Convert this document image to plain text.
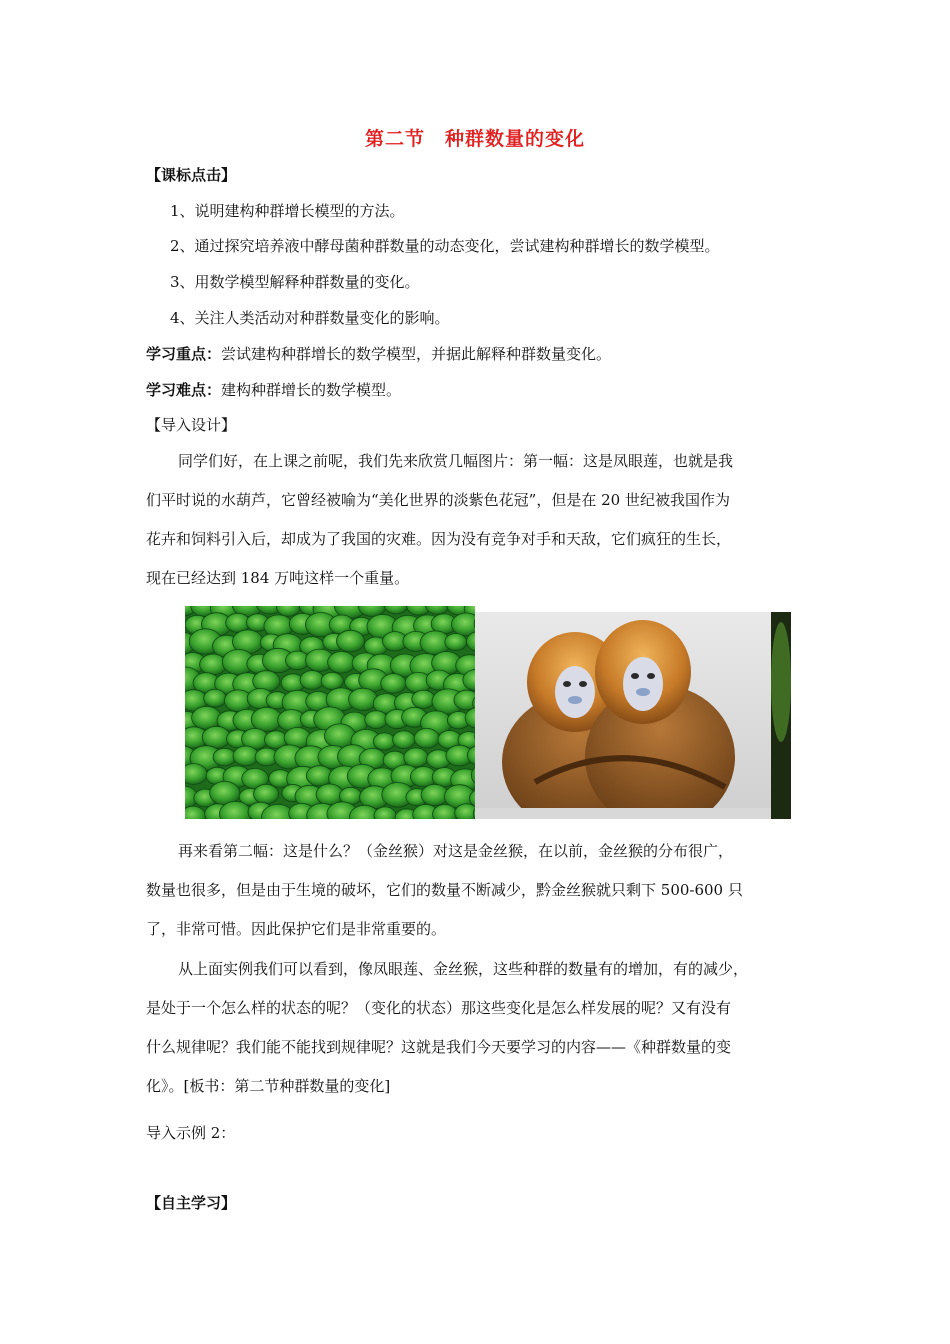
第二节　种群数量的变化
【课标点击】
1、说明建构种群增长模型的方法。
2、通过探究培养液中酵母菌种群数量的动态变化，尝试建构种群增长的数学模型。
3、用数学模型解释种群数量的变化。
4、关注人类活动对种群数量变化的影响。
学习重点：尝试建构种群增长的数学模型，并据此解释种群数量变化。
学习难点：建构种群增长的数学模型。
【导入设计】
同学们好，在上课之前呢，我们先来欣赏几幅图片：第一幅：这是凤眼莲，也就是我
们平时说的水葫芦，它曾经被喻为“美化世界的淡紫色花冠”，但是在 20 世纪被我国作为
花卉和饲料引入后，却成为了我国的灾难。因为没有竞争对手和天敌，它们疯狂的生长，
现在已经达到 184 万吨这样一个重量。
再来看第二幅：这是什么？（金丝猴）对这是金丝猴，在以前，金丝猴的分布很广，
数量也很多，但是由于生境的破坏，它们的数量不断减少，黔金丝猴就只剩下 500-600 只
了，非常可惜。因此保护它们是非常重要的。
从上面实例我们可以看到，像凤眼莲、金丝猴，这些种群的数量有的增加，有的减少，
是处于一个怎么样的状态的呢？（变化的状态）那这些变化是怎么样发展的呢？又有没有
什么规律呢？我们能不能找到规律呢？这就是我们今天要学习的内容——《种群数量的变
化》。[板书：第二节种群数量的变化]
导入示例 2：
【自主学习】
